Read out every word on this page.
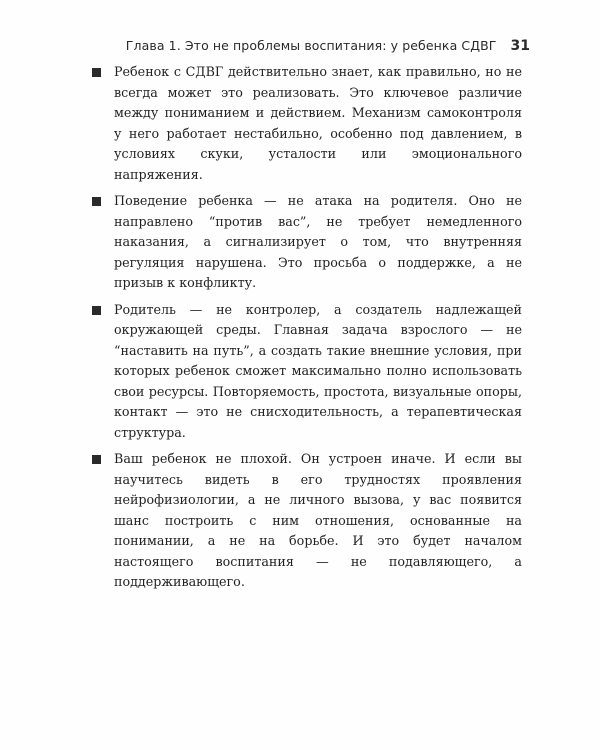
Глава 1. Это не проблемы воспитания: у ребенка СДВГ 31
Ребенок с СДВГ действительно знает, как правильно, но не всегда может это реализовать. Это ключевое различие между пониманием и действием. Механизм самоконтроля у него работает нестабильно, особенно под давлением, в условиях скуки, усталости или эмоционального напряжения.
Поведение ребенка — не атака на родителя. Оно не направлено “против вас”, не требует немедленного наказания, а сигнализирует о том, что внутренняя регуляция нарушена. Это просьба о поддержке, а не призыв к конфликту.
Родитель — не контролер, а создатель надлежащей окружающей среды. Главная задача взрослого — не “наставить на путь”, а создать такие внешние условия, при которых ребенок сможет максимально полно использовать свои ресурсы. Повторяемость, простота, визуальные опоры, контакт — это не снисходительность, а терапевтическая структура.
Ваш ребенок не плохой. Он устроен иначе. И если вы научитесь видеть в его трудностях проявления нейрофизиологии, а не личного вызова, у вас появится шанс построить с ним отношения, основанные на понимании, а не на борьбе. И это будет началом настоящего воспитания — не подавляющего, а поддерживающего.
